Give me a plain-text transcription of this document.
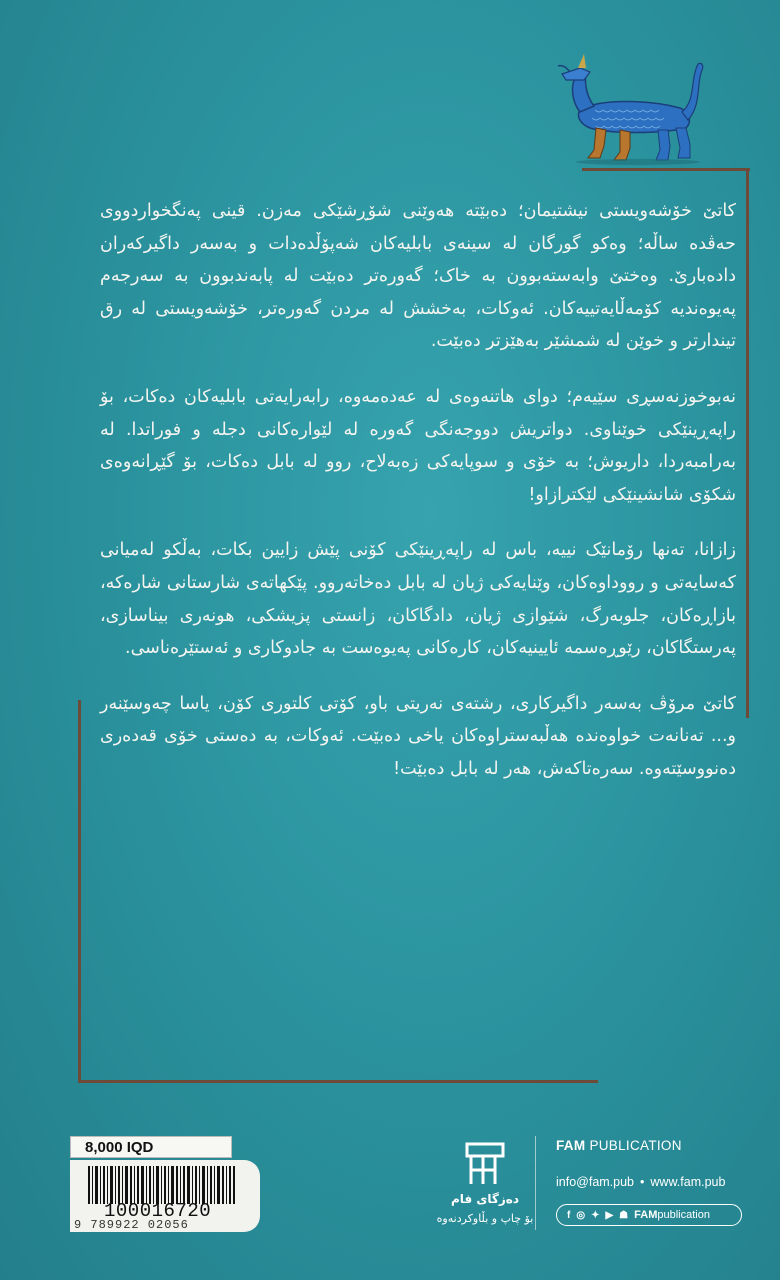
کاتێ خۆشەویستی نیشتیمان؛ دەبێتە هەوێنی شۆڕشێکی مەزن. قینی پەنگخواردووی حەڤدە ساڵە؛ وەکو گورگان لە سینەی بابلیەکان شەپۆڵدەدات و بەسەر داگیرکەران دادەبارێ. وەختێ وابەستەبوون بە خاک؛ گەورەتر دەبێت لە پابەندبوون بە سەرجەم پەیوەندیە کۆمەڵایەتییەکان. ئەوکات، بەخشش لە مردن گەورەتر، خۆشەویستی لە رق تیندارتر و خوێن لە شمشێر بەهێزتر دەبێت.

نەبوخوزنەسڕی سێیەم؛ دوای هاتنەوەی لە عەدەمەوە، رابەرایەتی بابلیەکان دەکات، بۆ راپەڕینێکی خوێناوی. دواتریش دووجەنگی گەورە لە لێوارەکانی دجلە و فوراتدا. لە بەرامبەردا، داریوش؛ بە خۆی و سوپایەکی زەبەلاح، روو لە بابل دەکات، بۆ گێڕانەوەی شکۆی شانشینێکی لێکترازاو!

زازانا، تەنها رۆمانێک نییە، باس لە راپەڕینێکی کۆنی پێش زایین بکات، بەڵکو لەمیانی کەسایەتی و رووداوەکان، وێنایەکی ژیان لە بابل دەخاتەروو. پێکهاتەی شارستانی شارەکە، بازاڕەکان، جلوبەرگ، شێوازی ژیان، دادگاکان، زانستی پزیشکی، هونەری بیناسازی، پەرستگاکان، رێوڕەسمە ئایینیەکان، کارەکانی پەیوەست بە جادوکاری و ئەستێرەناسی.

کاتێ مرۆڤ بەسەر داگیرکاری، رشتەی نەریتی باو، کۆتی کلتوری کۆن، یاسا چەوسێنەر و... تەنانەت خواوەندە هەڵبەستراوەکان یاخی دەبێت. ئەوکات، بە دەستی خۆی قەدەری دەنووسێتەوە. سەرەتاکەش، هەر لە بابل دەبێت!

8,000 IQD
100016720
9 789922 02056
دەزگای فام
بۆ چاپ و بڵاوکردنەوە
FAM PUBLICATION
info@fam.pub • www.fam.pub
f ◎ ✦ ▶ ☗ FAMpublication
